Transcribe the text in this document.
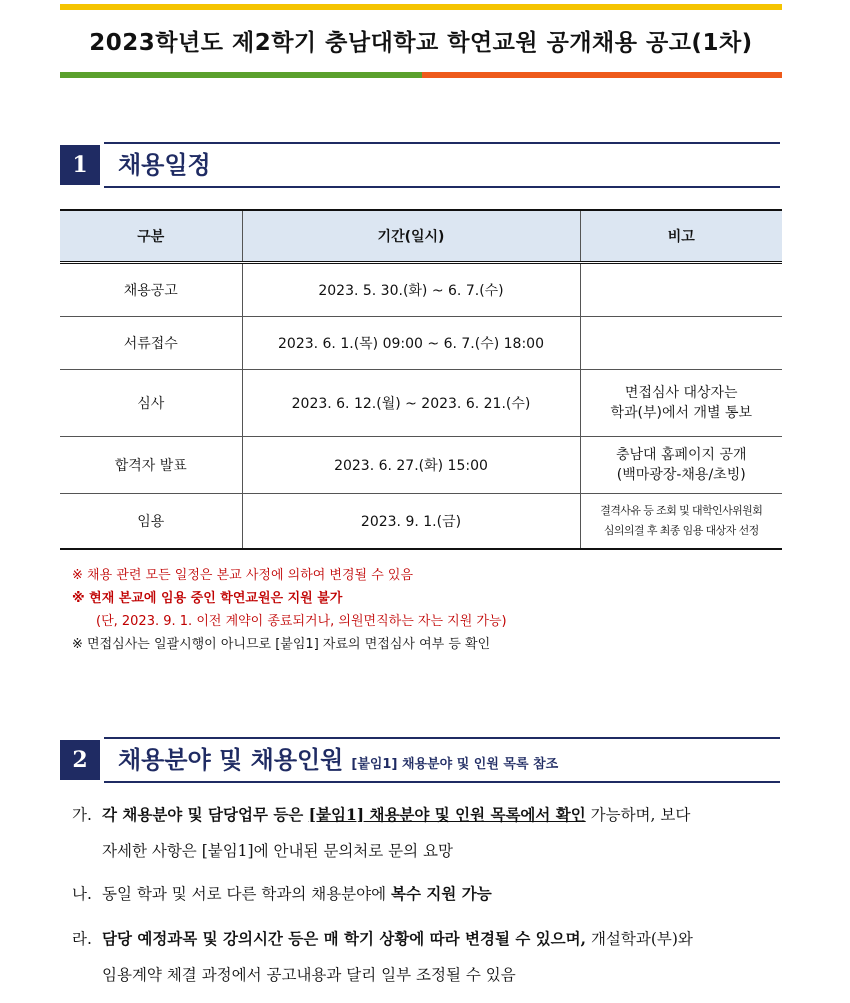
2023학년도 제2학기 충남대학교 학연교원 공개채용 공고(1차)
1	채용일정
구분	기간(일시)	비고
채용공고	2023. 5. 30.(화) ~ 6. 7.(수)	
서류접수	2023. 6. 1.(목) 09:00 ~ 6. 7.(수) 18:00	
심사	2023. 6. 12.(월) ~ 2023. 6. 21.(수)	면접심사 대상자는
학과(부)에서 개별 통보

합격자 발표	2023. 6. 27.(화) 15:00	충남대 홈페이지 공개
(백마광장-채용/초빙)

임용	2023. 9. 1.(금)	결격사유 등 조회 및 대학인사위원회
심의의결 후 최종 임용 대상자 선정
※ 채용 관련 모든 일정은 본교 사정에 의하여 변경될 수 있음
※ 현재 본교에 임용 중인 학연교원은 지원 불가
(단, 2023. 9. 1. 이전 계약이 종료되거나, 의원면직하는 자는 지원 가능)
※ 면접심사는 일괄시행이 아니므로 [붙임1] 자료의 면접심사 여부 등 확인
2	채용분야 및 채용인원 [붙임1] 채용분야 및 인원 목록 참조
가. 각 채용분야 및 담당업무 등은 [붙임1] 채용분야 및 인원 목록에서 확인 가능하며, 보다
자세한 사항은 [붙임1]에 안내된 문의처로 문의 요망
나. 동일 학과 및 서로 다른 학과의 채용분야에 복수 지원 가능
라. 담당 예정과목 및 강의시간 등은 매 학기 상황에 따라 변경될 수 있으며, 개설학과(부)와
임용계약 체결 과정에서 공고내용과 달리 일부 조정될 수 있음
